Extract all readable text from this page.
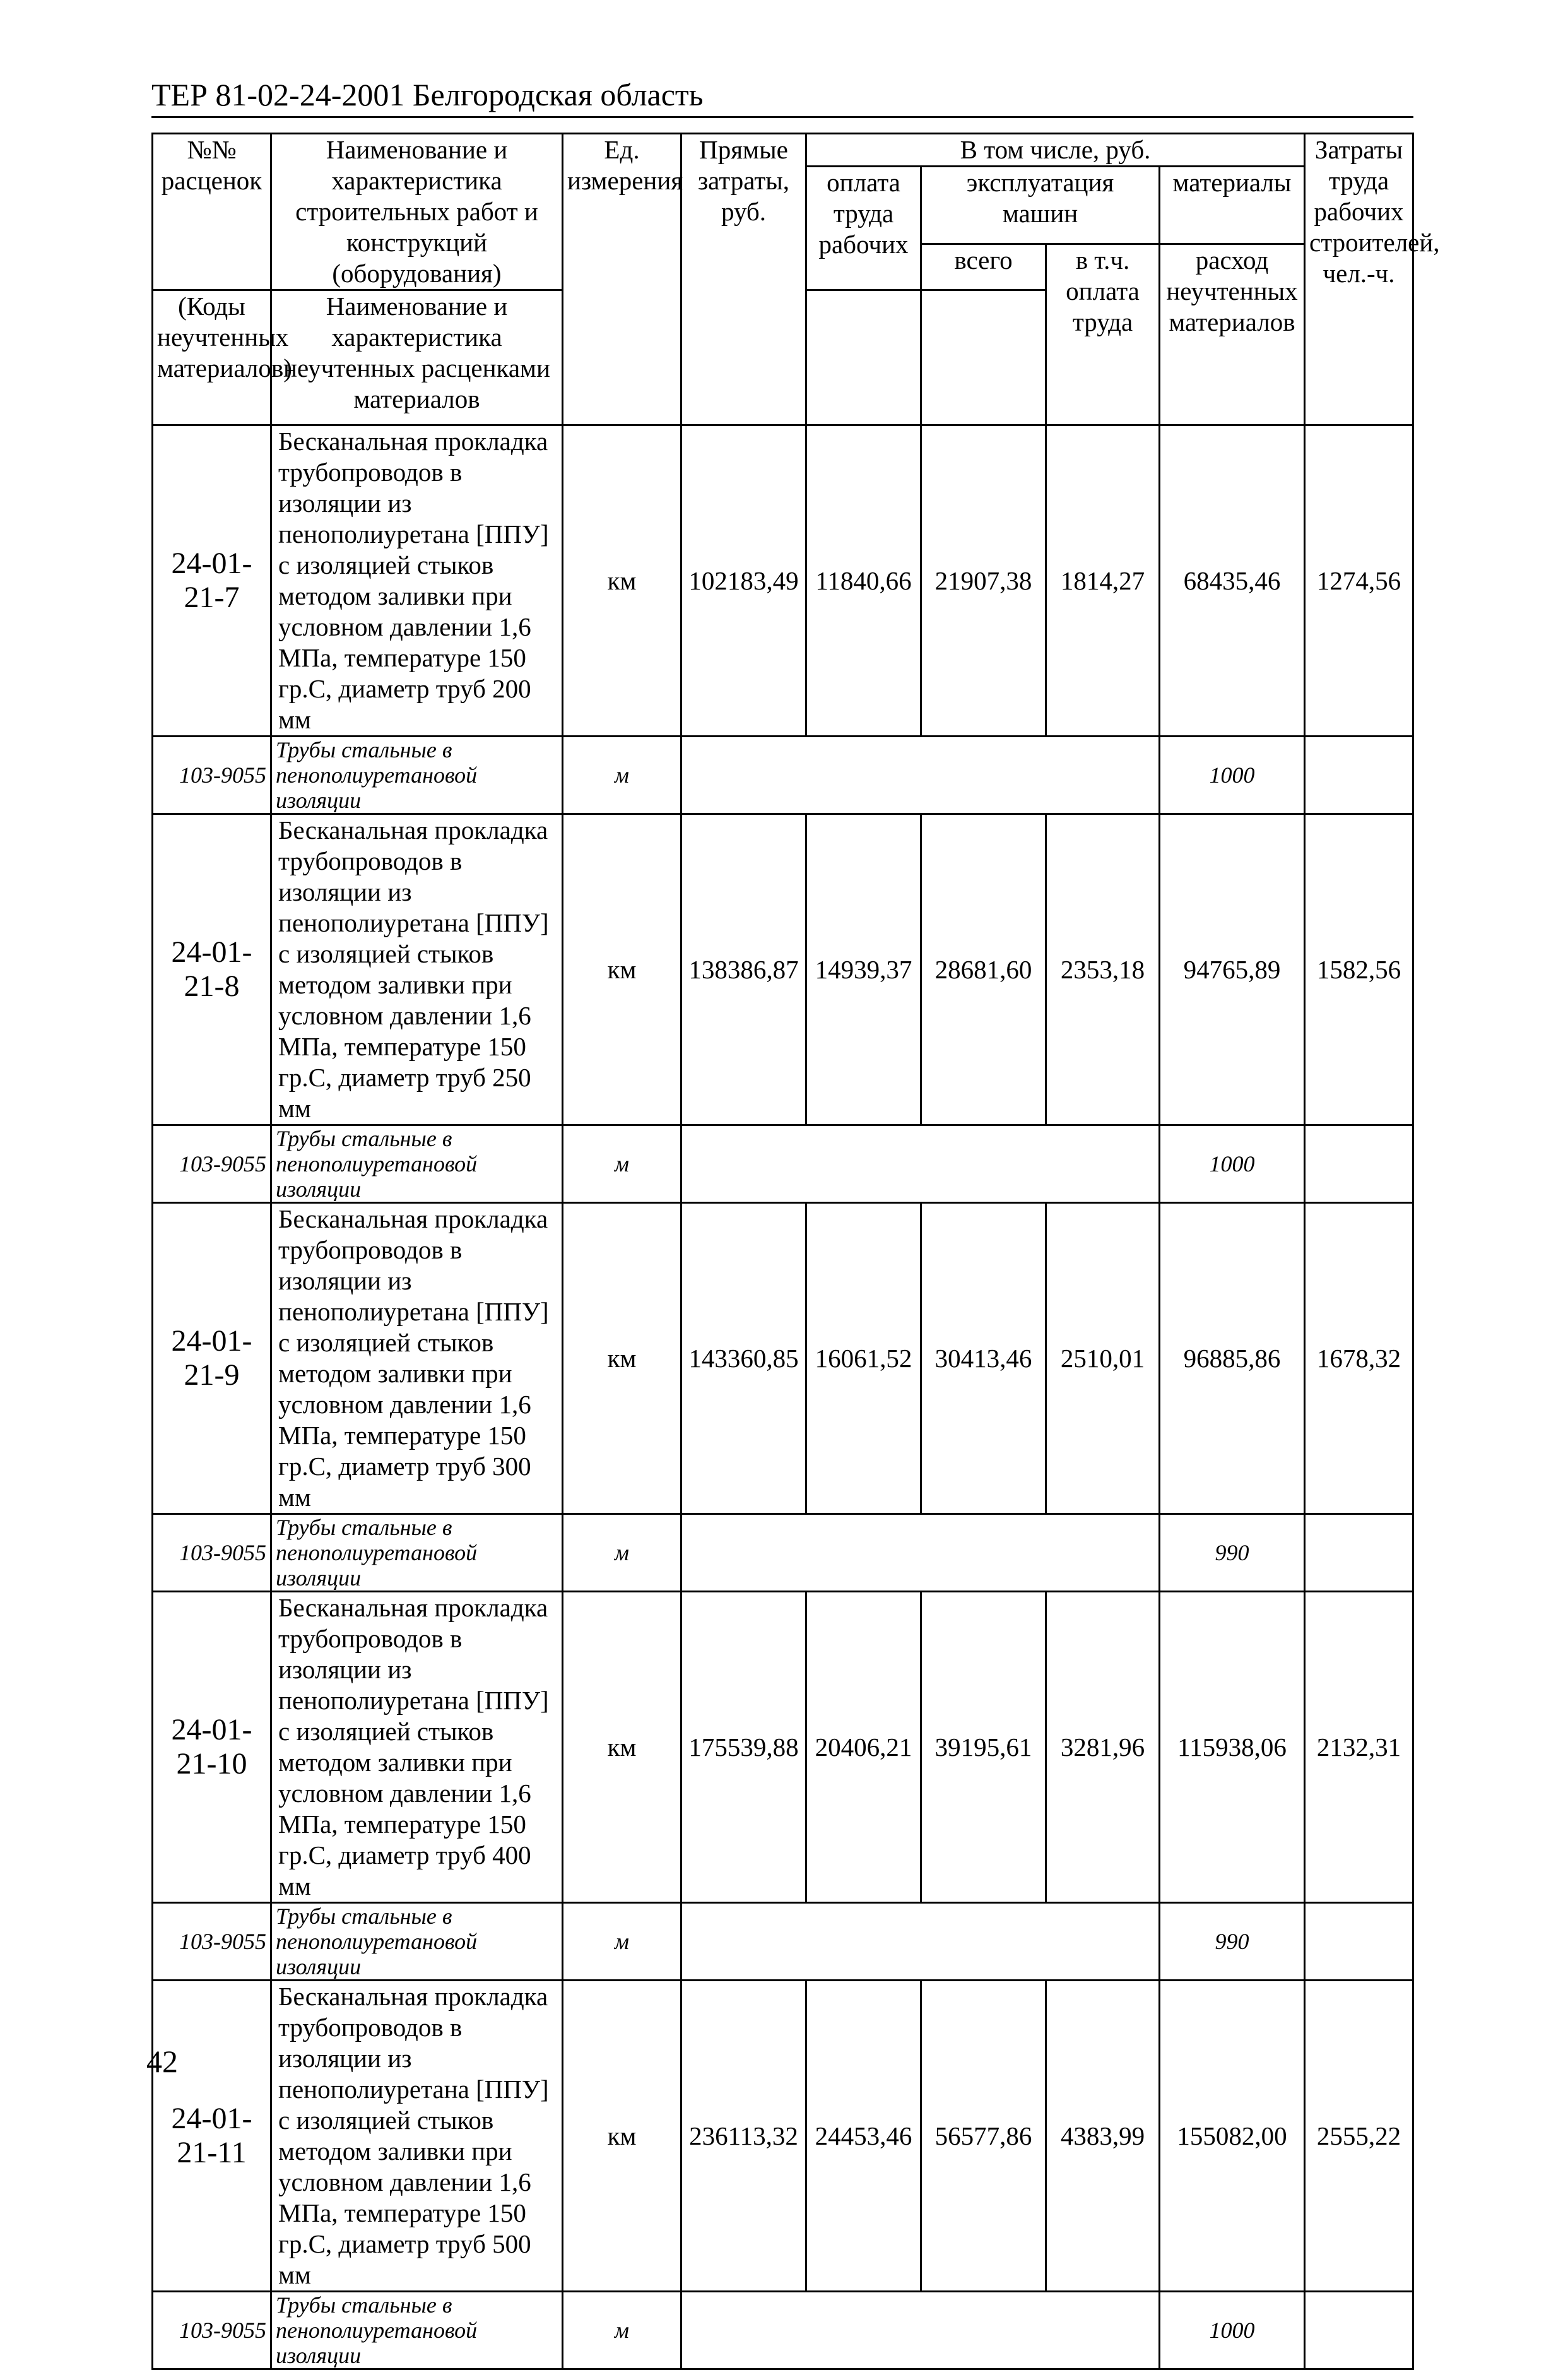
ТЕР 81-02-24-2001 Белгородская область
№№ расценок	Наименование и характеристика строительных работ и конструкций (оборудования)	Ед. измерения	Прямые затраты, руб.	В том числе, руб.				Затраты труда рабочих строителей, чел.-ч.
				оплата труда рабочих	эксплуатация машин		материалы	
					всего	в т.ч. оплата труда	расход неучтенных материалов	
(Коды неучтенных материалов)	Наименование и характеристика неучтенных расценками материалов							
24-01-21-7	Бесканальная прокладка трубопроводов в изоляции из пенополиуретана [ППУ] с изоляцией стыков методом заливки при условном давлении 1,6 МПа, температуре 150 гр.С, диаметр труб 200 мм	км	102183,49	11840,66	21907,38	1814,27	68435,46	1274,56
103-9055	Трубы стальные в пенополиуретановой изоляции	м					1000	
24-01-21-8	Бесканальная прокладка трубопроводов в изоляции из пенополиуретана [ППУ] с изоляцией стыков методом заливки при условном давлении 1,6 МПа, температуре 150 гр.С, диаметр труб 250 мм	км	138386,87	14939,37	28681,60	2353,18	94765,89	1582,56
103-9055	Трубы стальные в пенополиуретановой изоляции	м					1000	
24-01-21-9	Бесканальная прокладка трубопроводов в изоляции из пенополиуретана [ППУ] с изоляцией стыков методом заливки при условном давлении 1,6 МПа, температуре 150 гр.С, диаметр труб 300 мм	км	143360,85	16061,52	30413,46	2510,01	96885,86	1678,32
103-9055	Трубы стальные в пенополиуретановой изоляции	м					990	
24-01-21-10	Бесканальная прокладка трубопроводов в изоляции из пенополиуретана [ППУ] с изоляцией стыков методом заливки при условном давлении 1,6 МПа, температуре 150 гр.С, диаметр труб 400 мм	км	175539,88	20406,21	39195,61	3281,96	115938,06	2132,31
103-9055	Трубы стальные в пенополиуретановой изоляции	м					990	
24-01-21-11	Бесканальная прокладка трубопроводов в изоляции из пенополиуретана [ППУ] с изоляцией стыков методом заливки при условном давлении 1,6 МПа, температуре 150 гр.С, диаметр труб 500 мм	км	236113,32	24453,46	56577,86	4383,99	155082,00	2555,22
103-9055	Трубы стальные в пенополиуретановой изоляции	м					1000	
42
